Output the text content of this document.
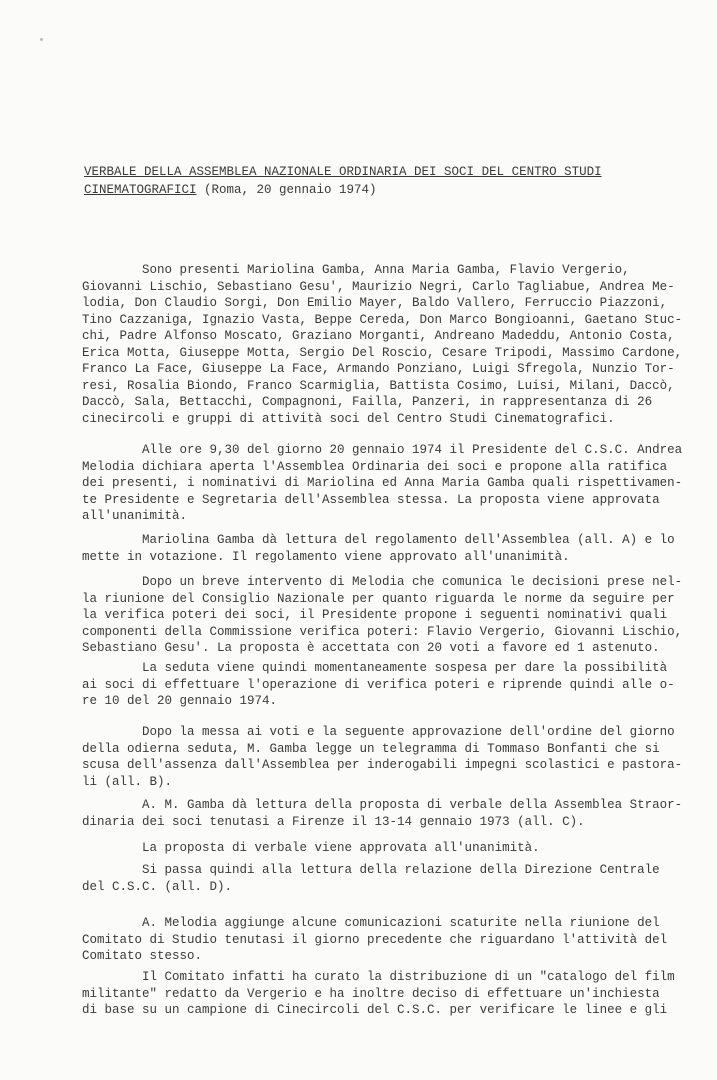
VERBALE DELLA ASSEMBLEA NAZIONALE ORDINARIA DEI SOCI DEL CENTRO STUDI
CINEMATOGRAFICI (Roma, 20 gennaio 1974)
Sono presenti Mariolina Gamba, Anna Maria Gamba, Flavio Vergerio,
Giovanni Lischio, Sebastiano Gesu', Maurizio Negri, Carlo Tagliabue, Andrea Me-
lodia, Don Claudio Sorgi, Don Emilio Mayer, Baldo Vallero, Ferruccio Piazzoni,
Tino Cazzaniga, Ignazio Vasta, Beppe Cereda, Don Marco Bongioanni, Gaetano Stuc-
chi, Padre Alfonso Moscato, Graziano Morganti, Andreano Madeddu, Antonio Costa,
Erica Motta, Giuseppe Motta, Sergio Del Roscio, Cesare Tripodi, Massimo Cardone,
Franco La Face, Giuseppe La Face, Armando Ponziano, Luigi Sfregola, Nunzio Tor-
resi, Rosalia Biondo, Franco Scarmiglia, Battista Cosimo, Luisi, Milani, Daccò,
Daccò, Sala, Bettacchi, Compagnoni, Failla, Panzeri, in rappresentanza di 26
cinecircoli e gruppi di attività soci del Centro Studi Cinematografici.
Alle ore 9,30 del giorno 20 gennaio 1974 il Presidente del C.S.C. Andrea
Melodia dichiara aperta l'Assemblea Ordinaria dei soci e propone alla ratifica
dei presenti, i nominativi di Mariolina ed Anna Maria Gamba quali rispettivamen-
te Presidente e Segretaria dell'Assemblea stessa. La proposta viene approvata
all'unanimità.
Mariolina Gamba dà lettura del regolamento dell'Assemblea (all. A) e lo
mette in votazione. Il regolamento viene approvato all'unanimità.
Dopo un breve intervento di Melodia che comunica le decisioni prese nel-
la riunione del Consiglio Nazionale per quanto riguarda le norme da seguire per
la verifica poteri dei soci, il Presidente propone i seguenti nominativi quali
componenti della Commissione verifica poteri: Flavio Vergerio, Giovanni Lischio,
Sebastiano Gesu'. La proposta è accettata con 20 voti a favore ed 1 astenuto.
La seduta viene quindi momentaneamente sospesa per dare la possibilità
ai soci di effettuare l'operazione di verifica poteri e riprende quindi alle o-
re 10 del 20 gennaio 1974.
Dopo la messa ai voti e la seguente approvazione dell'ordine del giorno
della odierna seduta, M. Gamba legge un telegramma di Tommaso Bonfanti che si
scusa dell'assenza dall'Assemblea per inderogabili impegni scolastici e pastora-
li (all. B).
A. M. Gamba dà lettura della proposta di verbale della Assemblea Straor-
dinaria dei soci tenutasi a Firenze il 13-14 gennaio 1973 (all. C).
La proposta di verbale viene approvata all'unanimità.
Si passa quindi alla lettura della relazione della Direzione Centrale
del C.S.C. (all. D).
A. Melodia aggiunge alcune comunicazioni scaturite nella riunione del
Comitato di Studio tenutasi il giorno precedente che riguardano l'attività del
Comitato stesso.
Il Comitato infatti ha curato la distribuzione di un "catalogo del film
militante" redatto da Vergerio e ha inoltre deciso di effettuare un'inchiesta
di base su un campione di Cinecircoli del C.S.C. per verificare le linee e gli
